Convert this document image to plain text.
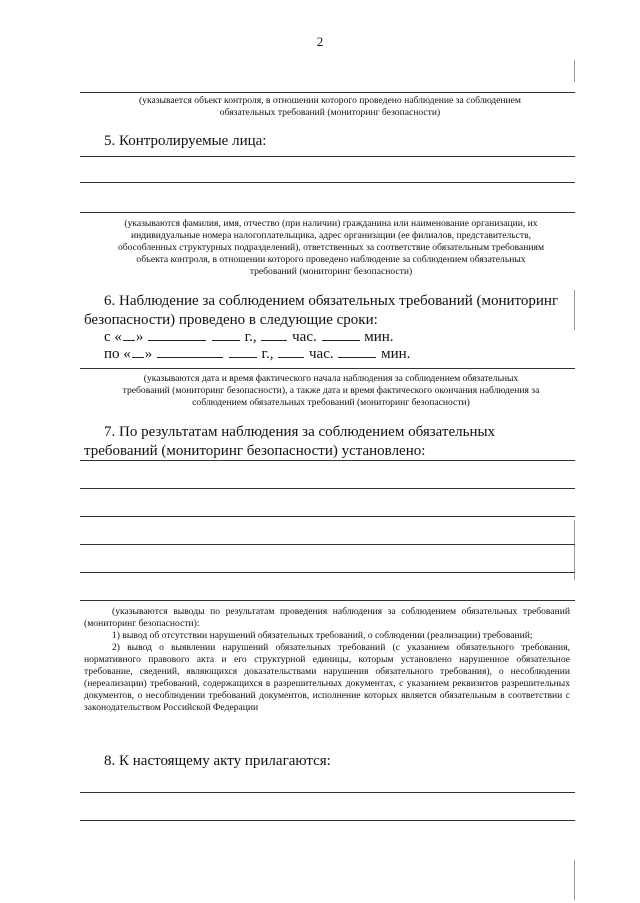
2
(указывается объект контроля, в отношении которого проведено наблюдение за соблюдением
обязательных требований (мониторинг безопасности)
5. Контролируемые лица:
(указываются фамилия, имя, отчество (при наличии) гражданина или наименование организации, их
индивидуальные номера налогоплательщика, адрес организации (ее филиалов, представительств,
обособленных структурных подразделений), ответственных за соответствие обязательным требованиям
объекта контроля, в отношении которого проведено наблюдение за соблюдением обязательных
требований (мониторинг безопасности)
6. Наблюдение за соблюдением обязательных требований (мониторинг
безопасности) проведено в следующие сроки:
с « »	г., час.	мин.
по « »	г., час.	мин.
(указываются дата и время фактического начала наблюдения за соблюдением обязательных
требований (мониторинг безопасности), а также дата и время фактического окончания наблюдения за
соблюдением обязательных требований (мониторинг безопасности)
7. По результатам наблюдения за соблюдением обязательных
требований (мониторинг безопасности) установлено:
(указываются выводы по результатам проведения наблюдения за соблюдением обязательных требований (мониторинг безопасности):
1) вывод об отсутствии нарушений обязательных требований, о соблюдении (реализации) требований;
2) вывод о выявлении нарушений обязательных требований (с указанием обязательного требования, нормативного правового акта и его структурной единицы, которым установлено нарушенное обязательное требование, сведений, являющихся доказательствами нарушения обязательного требования), о несоблюдении (нереализации) требований, содержащихся в разрешительных документах, с указанием реквизитов разрешительных документов, о несоблюдении требований документов, исполнение которых является обязательным в соответствии с законодательством Российской Федерации
8. К настоящему акту прилагаются:
